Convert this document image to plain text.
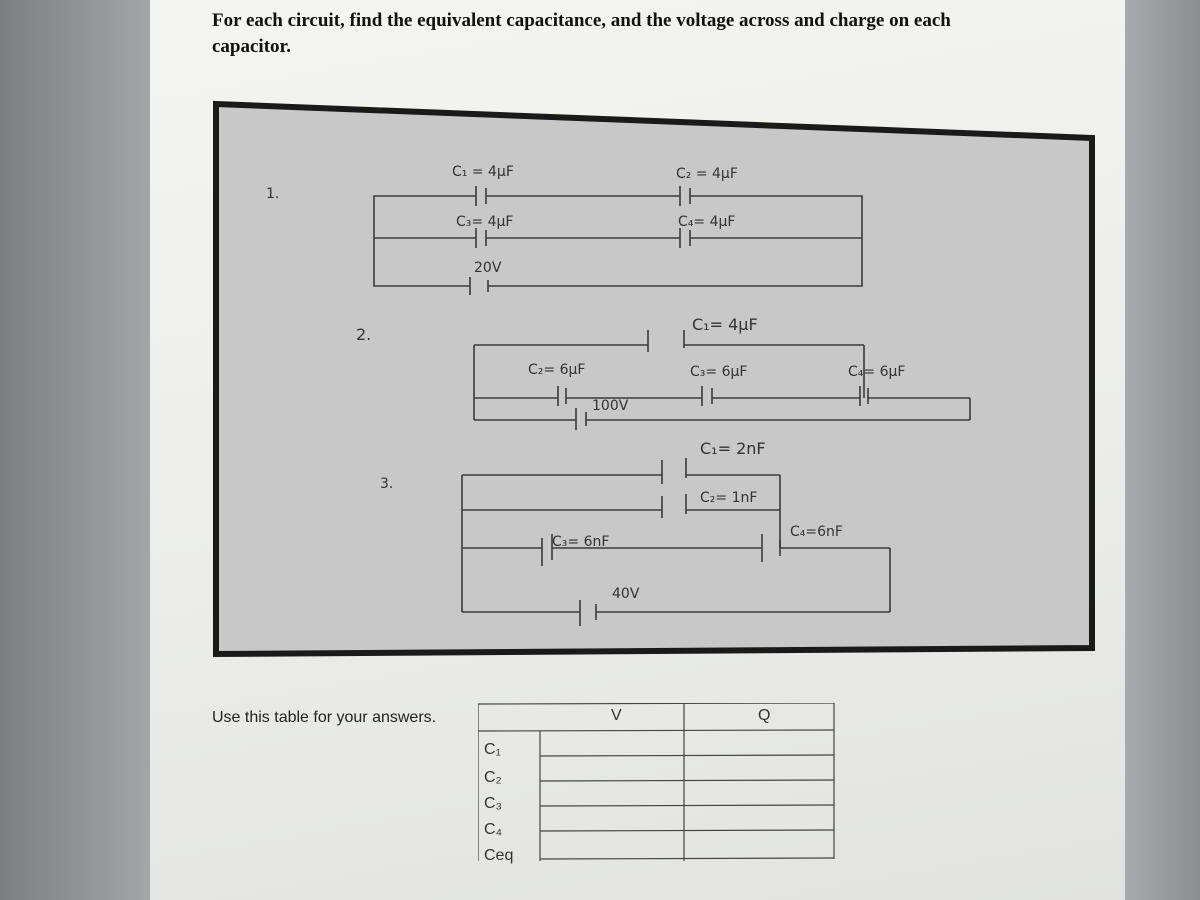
For each circuit, find the equivalent capacitance, and the voltage across and charge on each
capacitor.
1.
C₁ = 4μF	C₂ = 4μF
C₃= 4μF	C₄= 4μF
20V
2.
C₁= 4μF
C₂= 6μF	C₃= 6μF	C₄= 6μF
100V
3.
C₁= 2nF
C₂= 1nF
C₃= 6nF
C₄=6nF
40V
Use this table for your answers.	V	Q
C₁
C₂
C₃
C₄
Ceq
